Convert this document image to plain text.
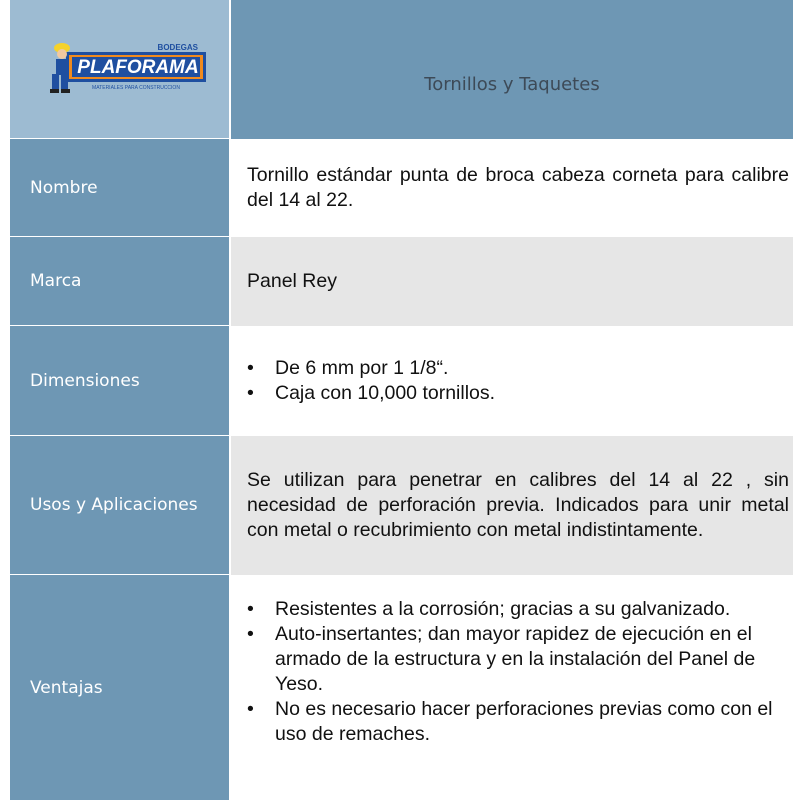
PLAFORAMA
BODEGAS
MATERIALES PARA CONSTRUCCION	Tornillos y Taquetes
Nombre
Tornillo estándar punta de broca cabeza corneta para calibre del 14 al 22.
Marca	Panel Rey
Dimensiones
• De 6 mm por 1 1/8“.
• Caja con 10,000 tornillos.
Usos y Aplicaciones
Se utilizan para penetrar en calibres del 14 al 22 , sin necesidad de perforación previa. Indicados para unir metal con metal o recubrimiento con metal indistintamente.
Ventajas
• Resistentes a la corrosión; gracias a su galvanizado.
• Auto-insertantes; dan mayor rapidez de ejecución en el armado de la estructura y en la instalación del Panel de Yeso.
• No es necesario hacer perforaciones previas como con el uso de remaches.
